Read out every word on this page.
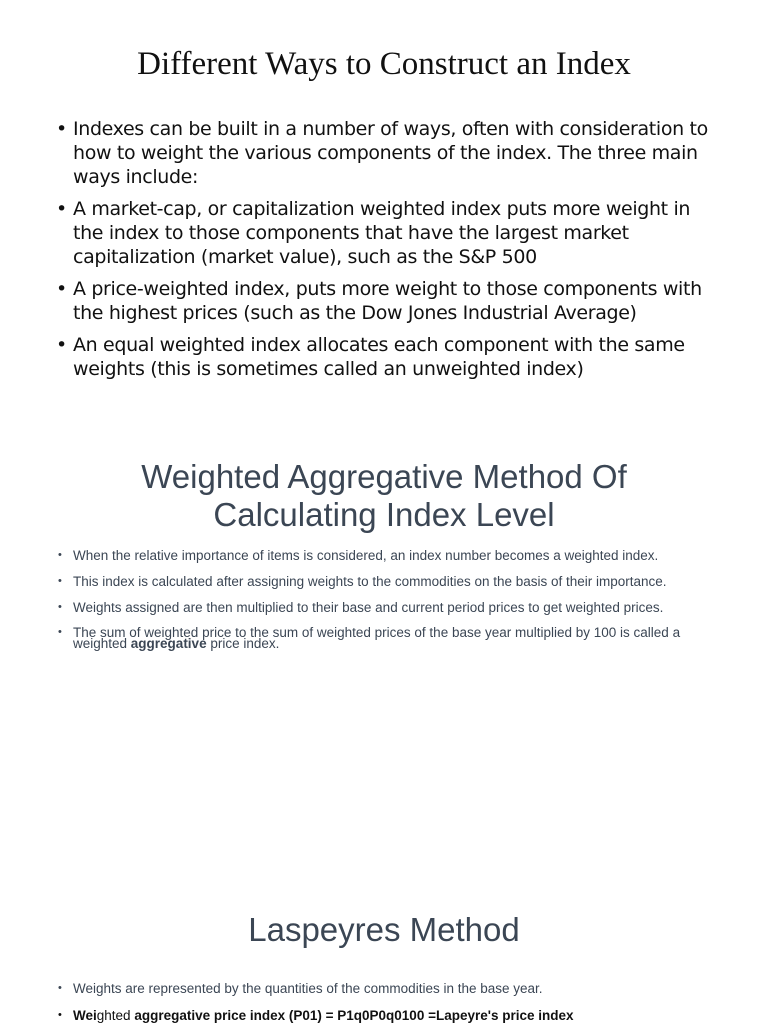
Different Ways to Construct an Index
• Indexes can be built in a number of ways, often with consideration to how to weight the various components of the index. The three main ways include:
• A market-cap, or capitalization weighted index puts more weight in the index to those components that have the largest market capitalization (market value), such as the S&P 500
• A price-weighted index, puts more weight to those components with the highest prices (such as the Dow Jones Industrial Average)
• An equal weighted index allocates each component with the same weights (this is sometimes called an unweighted index)
Weighted Aggregative Method Of
Calculating Index Level
• When the relative importance of items is considered, an index number becomes a weighted index.
• This index is calculated after assigning weights to the commodities on the basis of their importance.
• Weights assigned are then multiplied to their base and current period prices to get weighted prices.
• The sum of weighted price to the sum of weighted prices of the base year multiplied by 100 is called a weighted aggregative price index.
Laspeyres Method
• Weights are represented by the quantities of the commodities in the base year.
• Weighted aggregative price index (P01) = P1q0P0q0100 =Lapeyre's price index
